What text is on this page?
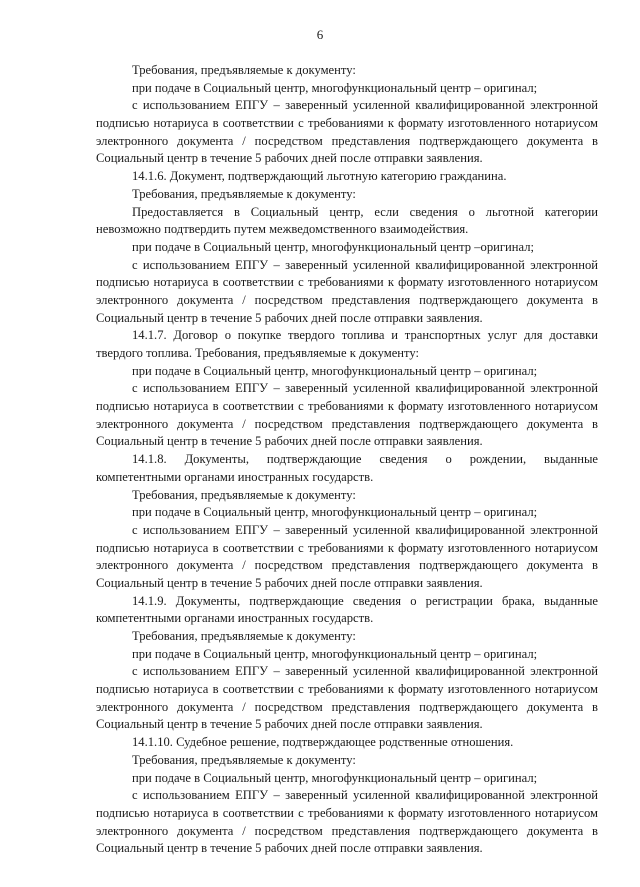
6
Требования, предъявляемые к документу:
при подаче в Социальный центр, многофункциональный центр – оригинал;
с использованием ЕПГУ – заверенный усиленной квалифицированной электронной
подписью нотариуса в соответствии с требованиями к формату изготовленного нотариусом
электронного документа / посредством представления подтверждающего документа в
Социальный центр в течение 5 рабочих дней после отправки заявления.
14.1.6. Документ, подтверждающий льготную категорию гражданина.
Требования, предъявляемые к документу:
Предоставляется в Социальный центр, если сведения о льготной категории
невозможно подтвердить путем межведомственного взаимодействия.
при подаче в Социальный центр, многофункциональный центр –оригинал;
с использованием ЕПГУ – заверенный усиленной квалифицированной электронной
подписью нотариуса в соответствии с требованиями к формату изготовленного нотариусом
электронного документа / посредством представления подтверждающего документа в
Социальный центр в течение 5 рабочих дней после отправки заявления.
14.1.7. Договор о покупке твердого топлива и транспортных услуг для доставки
твердого топлива. Требования, предъявляемые к документу:
при подаче в Социальный центр, многофункциональный центр – оригинал;
с использованием ЕПГУ – заверенный усиленной квалифицированной электронной
подписью нотариуса в соответствии с требованиями к формату изготовленного нотариусом
электронного документа / посредством представления подтверждающего документа в
Социальный центр в течение 5 рабочих дней после отправки заявления.
14.1.8. Документы, подтверждающие сведения о рождении, выданные
компетентными органами иностранных государств.
Требования, предъявляемые к документу:
при подаче в Социальный центр, многофункциональный центр – оригинал;
с использованием ЕПГУ – заверенный усиленной квалифицированной электронной
подписью нотариуса в соответствии с требованиями к формату изготовленного нотариусом
электронного документа / посредством представления подтверждающего документа в
Социальный центр в течение 5 рабочих дней после отправки заявления.
14.1.9. Документы, подтверждающие сведения о регистрации брака, выданные
компетентными органами иностранных государств.
Требования, предъявляемые к документу:
при подаче в Социальный центр, многофункциональный центр – оригинал;
с использованием ЕПГУ – заверенный усиленной квалифицированной электронной
подписью нотариуса в соответствии с требованиями к формату изготовленного нотариусом
электронного документа / посредством представления подтверждающего документа в
Социальный центр в течение 5 рабочих дней после отправки заявления.
14.1.10. Судебное решение, подтверждающее родственные отношения.
Требования, предъявляемые к документу:
при подаче в Социальный центр, многофункциональный центр – оригинал;
с использованием ЕПГУ – заверенный усиленной квалифицированной электронной
подписью нотариуса в соответствии с требованиями к формату изготовленного нотариусом
электронного документа / посредством представления подтверждающего документа в
Социальный центр в течение 5 рабочих дней после отправки заявления.
